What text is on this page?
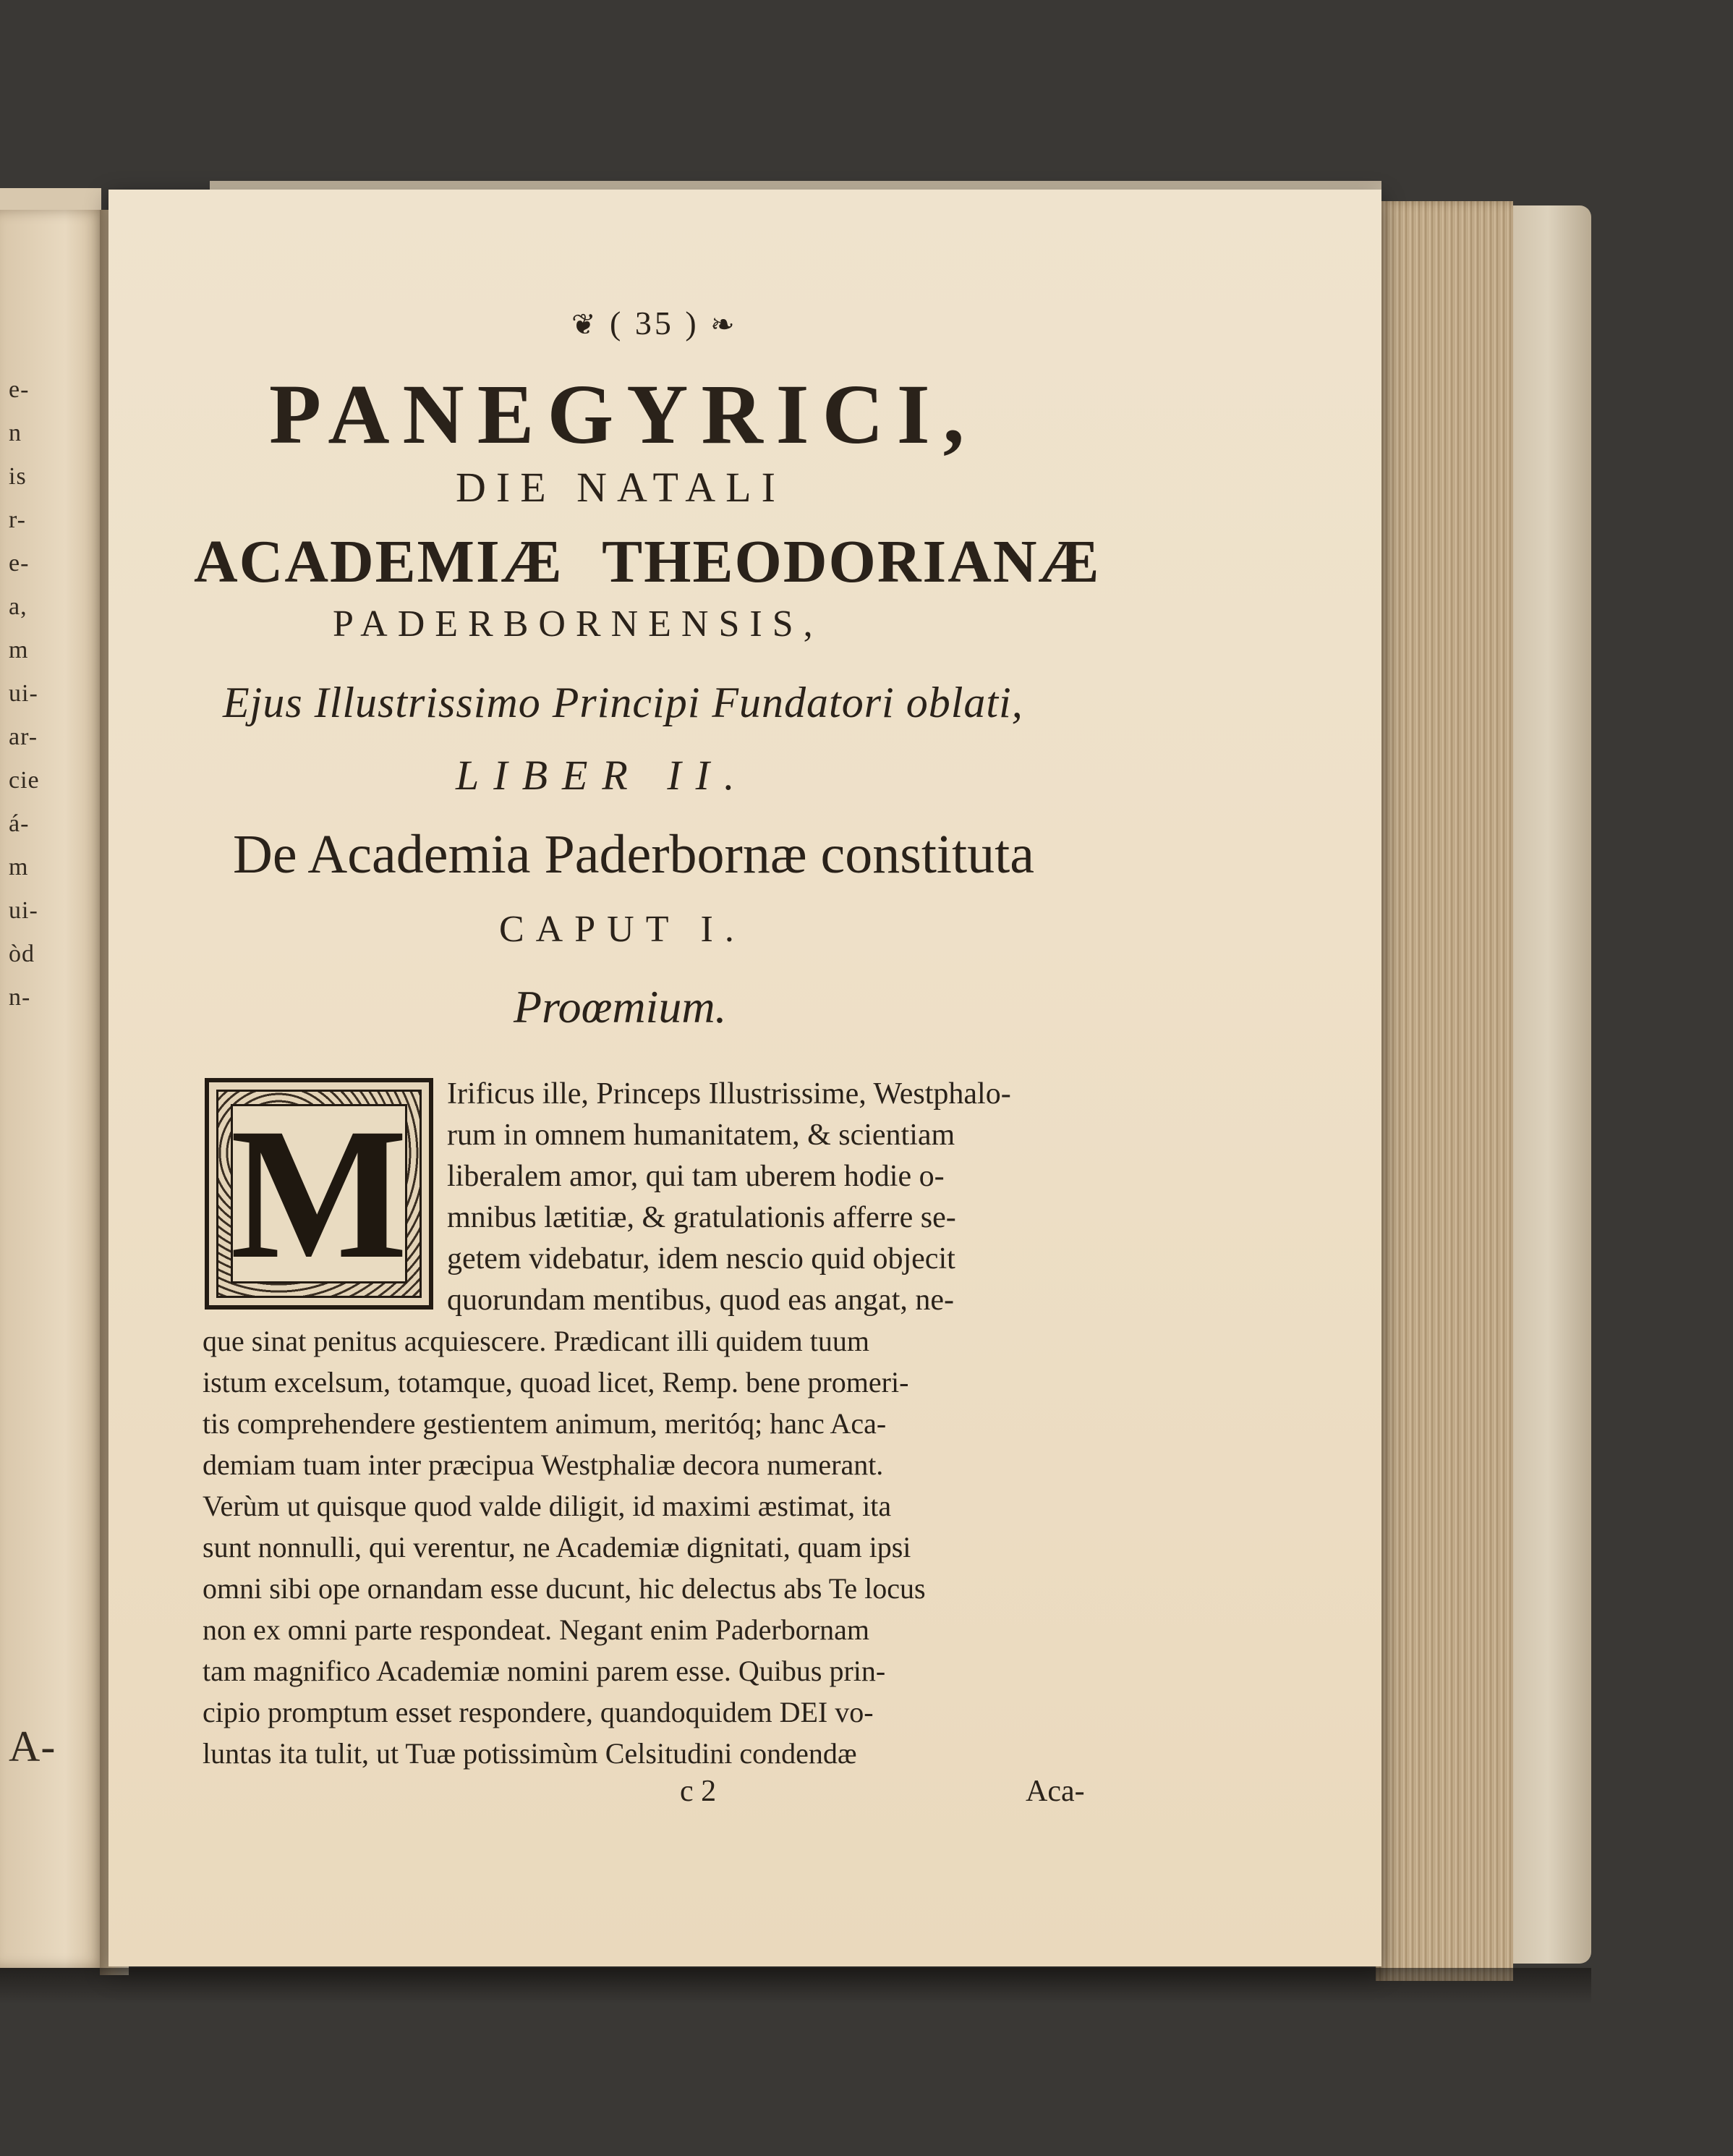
e-
n
is
r-
e-
a,
m
ui-
ar-
cie
á-
m
ui-
òd
n-
A-
❦ ( 35 ) ❧
PANEGYRICI,
DIE NATALI
ACADEMIÆ THEODORIANÆ
PADERBORNENSIS,
Ejus Illustrissimo Principi Fundatori oblati,
LIBER II.
De Academia Paderbornæ constituta
CAPUT I.
Proœmium.
M Irificus ille, Princeps Illustrissime, Westphalo-
rum in omnem humanitatem, & scientiam
liberalem amor, qui tam uberem hodie o-
mnibus lætitiæ, & gratulationis afferre se-
getem videbatur, idem nescio quid objecit
quorundam mentibus, quod eas angat, ne-
que sinat penitus acquiescere. Prædicant illi quidem tuum
istum excelsum, totamque, quoad licet, Remp. bene promeri-
tis comprehendere gestientem animum, meritóq; hanc Aca-
demiam tuam inter præcipua Westphaliæ decora numerant.
Verùm ut quisque quod valde diligit, id maximi æstimat, ita
sunt nonnulli, qui verentur, ne Academiæ dignitati, quam ipsi
omni sibi ope ornandam esse ducunt, hic delectus abs Te locus
non ex omni parte respondeat. Negant enim Paderbornam
tam magnifico Academiæ nomini parem esse. Quibus prin-
cipio promptum esset respondere, quandoquidem DEI vo-
luntas ita tulit, ut Tuæ potissimùm Celsitudini condendæ
c 2	Aca-
